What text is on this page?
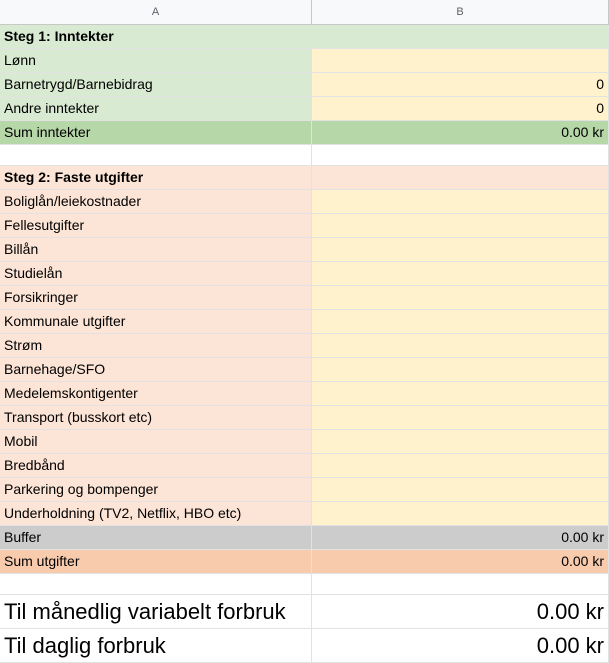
A	B
Steg 1: Inntekter
Lønn
Barnetrygd/Barnebidrag	0
Andre inntekter	0
Sum inntekter	0.00 kr
Steg 2: Faste utgifter
Boliglån/leiekostnader
Fellesutgifter
Billån
Studielån
Forsikringer
Kommunale utgifter
Strøm
Barnehage/SFO
Medelemskontigenter
Transport (busskort etc)
Mobil
Bredbånd
Parkering og bompenger
Underholdning (TV2, Netflix, HBO etc)
Buffer	0.00 kr
Sum utgifter	0.00 kr
Til månedlig variabelt forbruk	0.00 kr
Til daglig forbruk	0.00 kr
